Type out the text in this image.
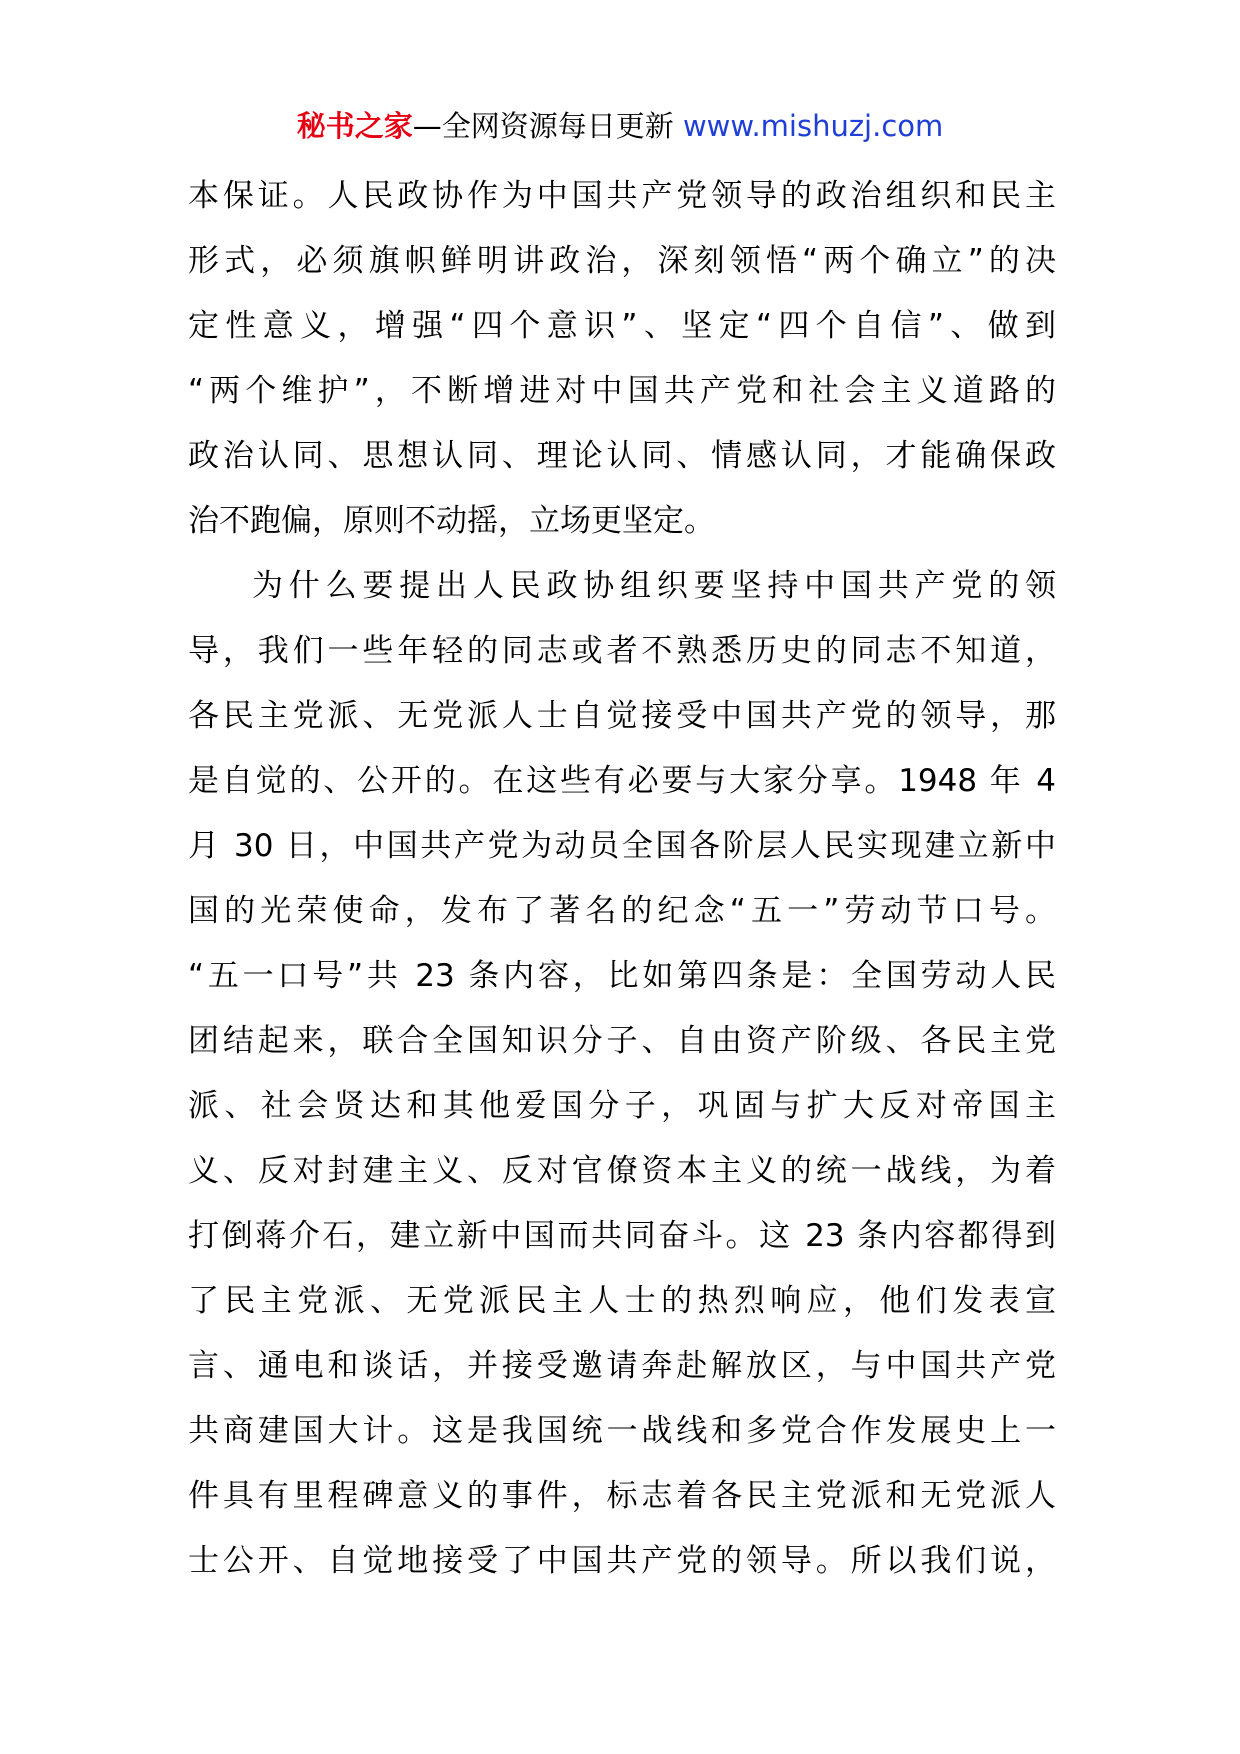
秘书之家—全网资源每日更新 www.mishuzj.com
本保证。人民政协作为中国共产党领导的政治组织和民主
形式，必须旗帜鲜明讲政治，深刻领悟“两个确立”的决
定性意义，增强“四个意识”、坚定“四个自信”、做到
“两个维护”，不断增进对中国共产党和社会主义道路的
政治认同、思想认同、理论认同、情感认同，才能确保政
治不跑偏，原则不动摇，立场更坚定。
为什么要提出人民政协组织要坚持中国共产党的领
导，我们一些年轻的同志或者不熟悉历史的同志不知道，
各民主党派、无党派人士自觉接受中国共产党的领导，那
是自觉的、公开的。在这些有必要与大家分享。1948 年 4
月 30 日，中国共产党为动员全国各阶层人民实现建立新中
国的光荣使命，发布了著名的纪念“五一”劳动节口号。
“五一口号”共 23 条内容，比如第四条是：全国劳动人民
团结起来，联合全国知识分子、自由资产阶级、各民主党
派、社会贤达和其他爱国分子，巩固与扩大反对帝国主
义、反对封建主义、反对官僚资本主义的统一战线，为着
打倒蒋介石，建立新中国而共同奋斗。这 23 条内容都得到
了民主党派、无党派民主人士的热烈响应，他们发表宣
言、通电和谈话，并接受邀请奔赴解放区，与中国共产党
共商建国大计。这是我国统一战线和多党合作发展史上一
件具有里程碑意义的事件，标志着各民主党派和无党派人
士公开、自觉地接受了中国共产党的领导。所以我们说，
